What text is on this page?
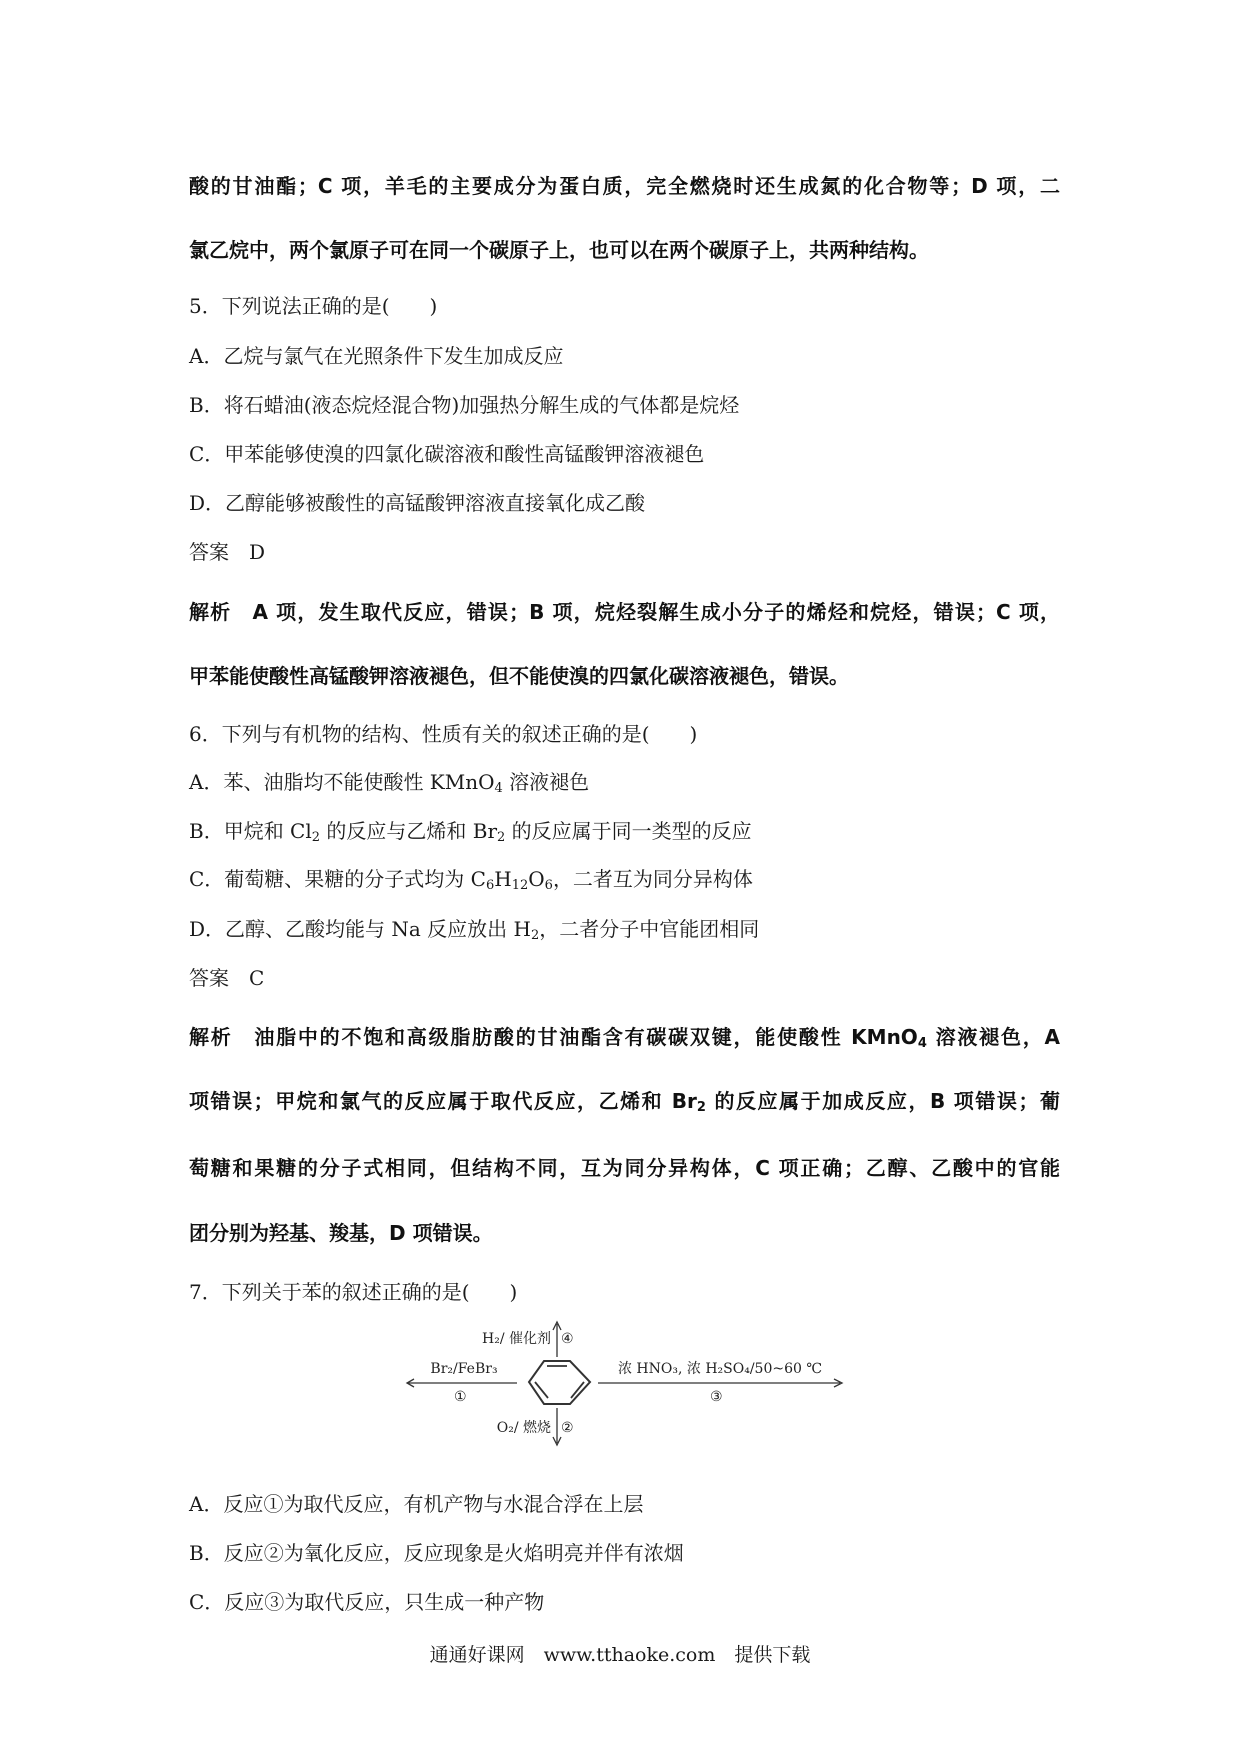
酸的甘油酯；C 项，羊毛的主要成分为蛋白质，完全燃烧时还生成氮的化合物等；D 项，二
氯乙烷中，两个氯原子可在同一个碳原子上，也可以在两个碳原子上，共两种结构。
5．下列说法正确的是(　　)
A．乙烷与氯气在光照条件下发生加成反应
B．将石蜡油(液态烷烃混合物)加强热分解生成的气体都是烷烃
C．甲苯能够使溴的四氯化碳溶液和酸性高锰酸钾溶液褪色
D．乙醇能够被酸性的高锰酸钾溶液直接氧化成乙酸
答案　D
解析　A 项，发生取代反应，错误；B 项，烷烃裂解生成小分子的烯烃和烷烃，错误；C 项，
甲苯能使酸性高锰酸钾溶液褪色，但不能使溴的四氯化碳溶液褪色，错误。
6．下列与有机物的结构、性质有关的叙述正确的是(　　)
A．苯、油脂均不能使酸性 KMnO$_4$ 溶液褪色
B．甲烷和 $Cl_2$ 的反应与乙烯和 $Br_2$ 的反应属于同一类型的反应
C．葡萄糖、果糖的分子式均为 $C_6H_{12}O_6$，二者互为同分异构体
D．乙醇、乙酸均能与 Na 反应放出 $H_2$，二者分子中官能团相同
答案　C
解析　油脂中的不饱和高级脂肪酸的甘油酯含有碳碳双键，能使酸性 KMnO$_4$ 溶液褪色，A
项错误；甲烷和氯气的反应属于取代反应，乙烯和 $Br_2$ 的反应属于加成反应，B 项错误；葡
萄糖和果糖的分子式相同，但结构不同，互为同分异构体，C 项正确；乙醇、乙酸中的官能
团分别为羟基、羧基，D 项错误。
7．下列关于苯的叙述正确的是(　　)
A．反应①为取代反应，有机产物与水混合浮在上层
B．反应②为氧化反应，反应现象是火焰明亮并伴有浓烟
C．反应③为取代反应，只生成一种产物
Br₂/FeBr₃
①
H₂/ 催化剂 ④
O₂/ 燃烧 ②
浓 HNO₃, 浓 H₂SO₄/50~60 ℃
③
通通好课网　www.tthaoke.com　提供下载
